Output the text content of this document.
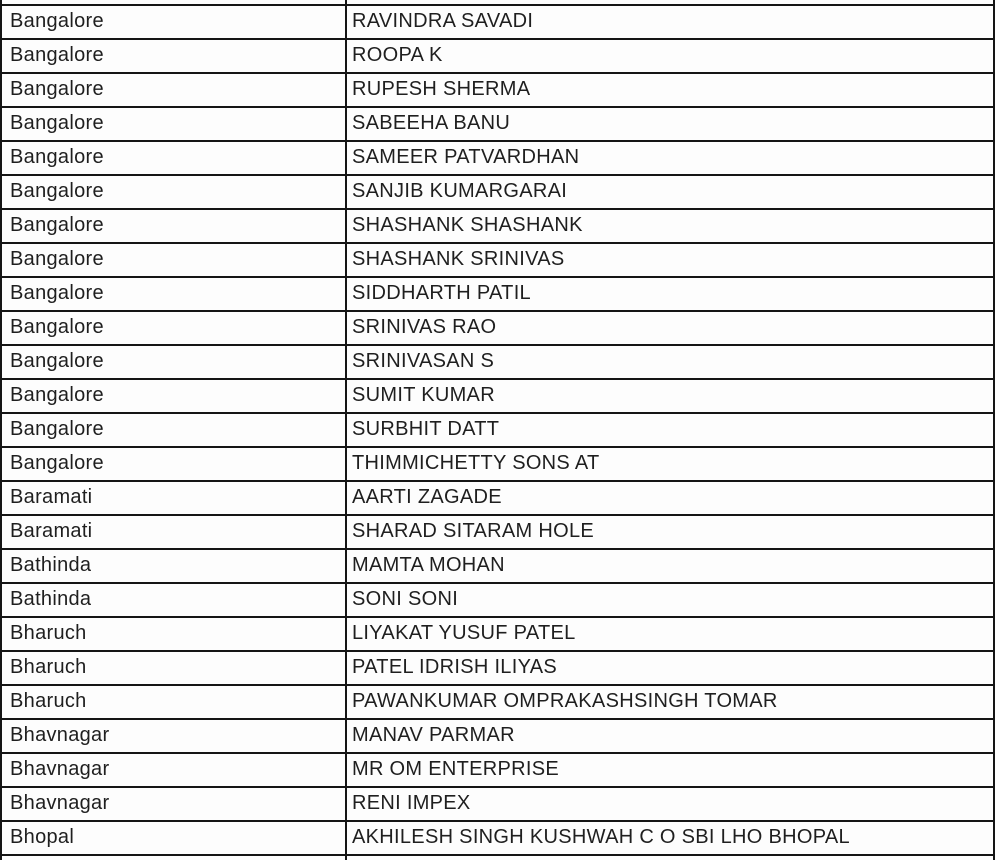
Bangalore	RAVINDRA SAVADI
Bangalore	ROOPA K
Bangalore	RUPESH SHERMA
Bangalore	SABEEHA BANU
Bangalore	SAMEER PATVARDHAN
Bangalore	SANJIB KUMARGARAI
Bangalore	SHASHANK SHASHANK
Bangalore	SHASHANK SRINIVAS
Bangalore	SIDDHARTH PATIL
Bangalore	SRINIVAS RAO
Bangalore	SRINIVASAN S
Bangalore	SUMIT KUMAR
Bangalore	SURBHIT DATT
Bangalore	THIMMICHETTY SONS AT
Baramati	AARTI ZAGADE
Baramati	SHARAD SITARAM HOLE
Bathinda	MAMTA MOHAN
Bathinda	SONI SONI
Bharuch	LIYAKAT YUSUF PATEL
Bharuch	PATEL IDRISH ILIYAS
Bharuch	PAWANKUMAR OMPRAKASHSINGH TOMAR
Bhavnagar	MANAV PARMAR
Bhavnagar	MR OM ENTERPRISE
Bhavnagar	RENI IMPEX
Bhopal	AKHILESH SINGH KUSHWAH C O SBI LHO BHOPAL
